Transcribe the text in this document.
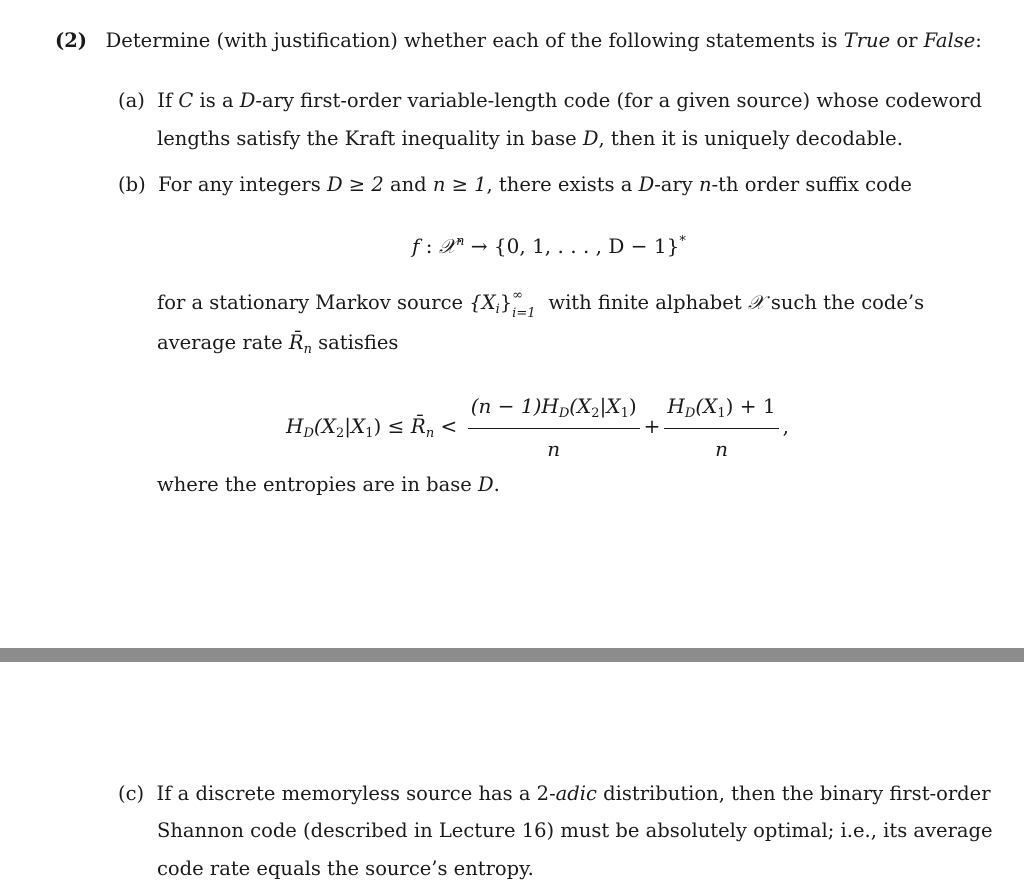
(2) Determine (with justification) whether each of the following statements is True or False:
(a) If C is a D-ary first-order variable-length code (for a given source) whose codeword
lengths satisfy the Kraft inequality in base D, then it is uniquely decodable.
(b) For any integers D ≥ 2 and n ≥ 1, there exists a D-ary n-th order suffix code
f : 𝒳$^n$ → {0, 1, . . . , D − 1}*
for a stationary Markov source $\{X_i\}$ ∞
i=1 with finite alphabet 𝒳 such the code’s
average rate $R̄_n$ satisfies
$H_D(X_2|X_1)$ ≤ $R̄_n < \frac{(n - 1)H_D(X_2|X_1)}{n} + \frac{H_D(X_1) + 1}{n}$ ,
where the entropies are in base D.
(c) If a discrete memoryless source has a 2-adic distribution, then the binary first-order
Shannon code (described in Lecture 16) must be absolutely optimal; i.e., its average
code rate equals the source’s entropy.
